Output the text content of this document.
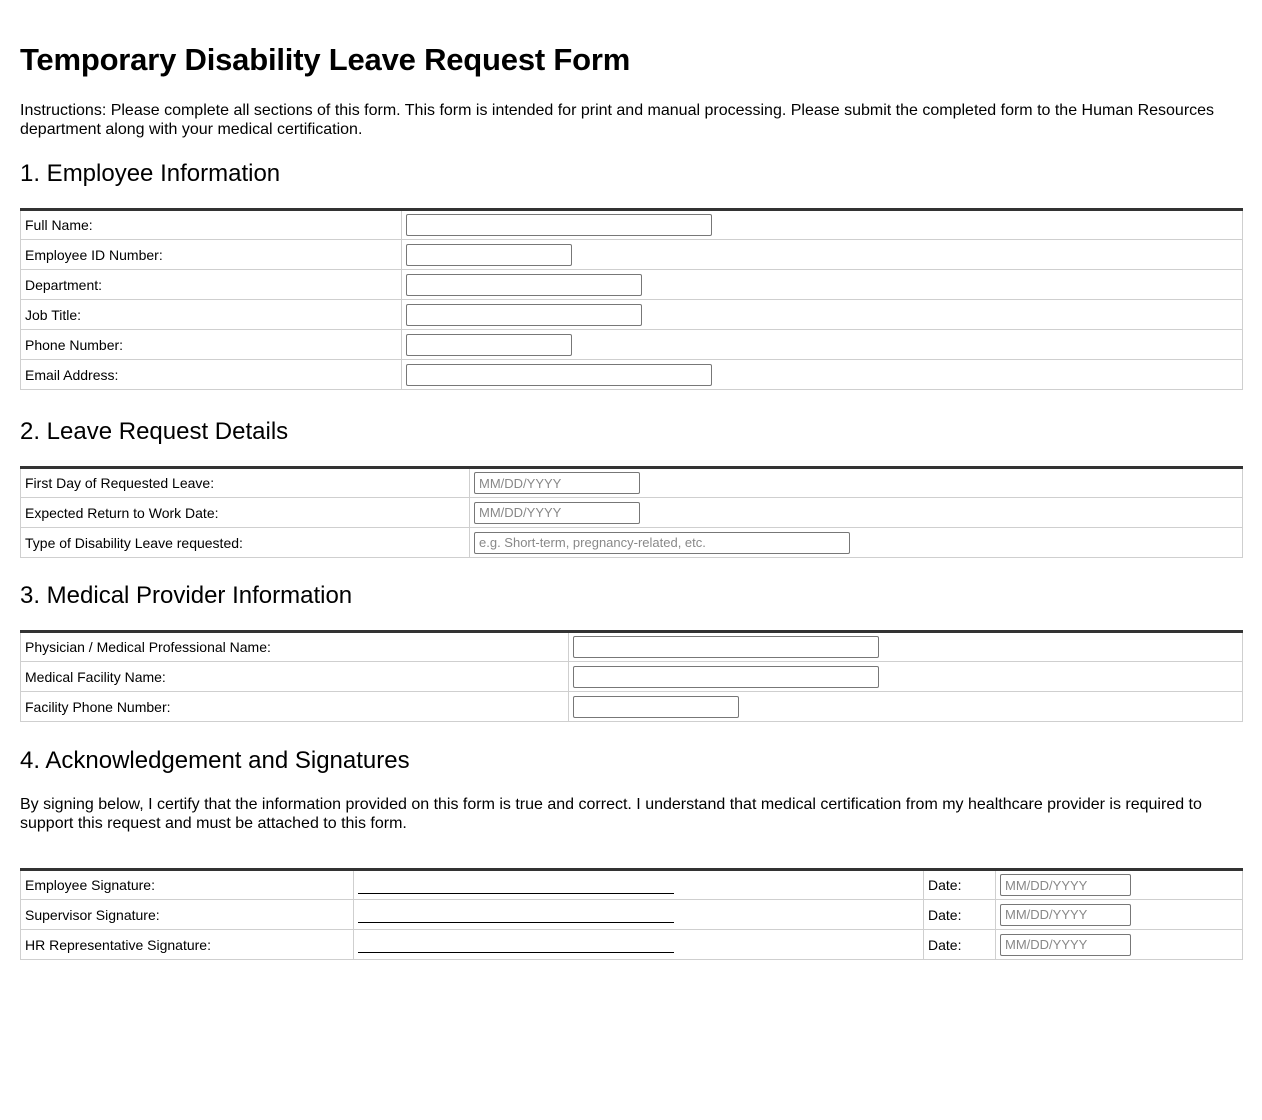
Temporary Disability Leave Request Form

Instructions: Please complete all sections of this form. This form is intended for print and manual processing. Please submit the completed form to the Human Resources department along with your medical certification.

1. Employee Information
Full Name:	

Employee ID Number:	

Department:	

Job Title:	

Phone Number:	

Email Address:	
2. Leave Request Details
First Day of Requested Leave:	
MM/DD/YYYY
Expected Return to Work Date:	
MM/DD/YYYY
Type of Disability Leave requested:	
e.g. Short-term, pregnancy-related, etc.
3. Medical Provider Information
Physician / Medical Professional Name:	

Medical Facility Name:	

Facility Phone Number:	
4. Acknowledgement and Signatures

By signing below, I certify that the information provided on this form is true and correct. I understand that medical certification from my healthcare provider is required to support this request and must be attached to this form.

Employee Signature:		Date:	
MM/DD/YYYY
Supervisor Signature:		Date:	
MM/DD/YYYY
HR Representative Signature:		Date:	
MM/DD/YYYY
